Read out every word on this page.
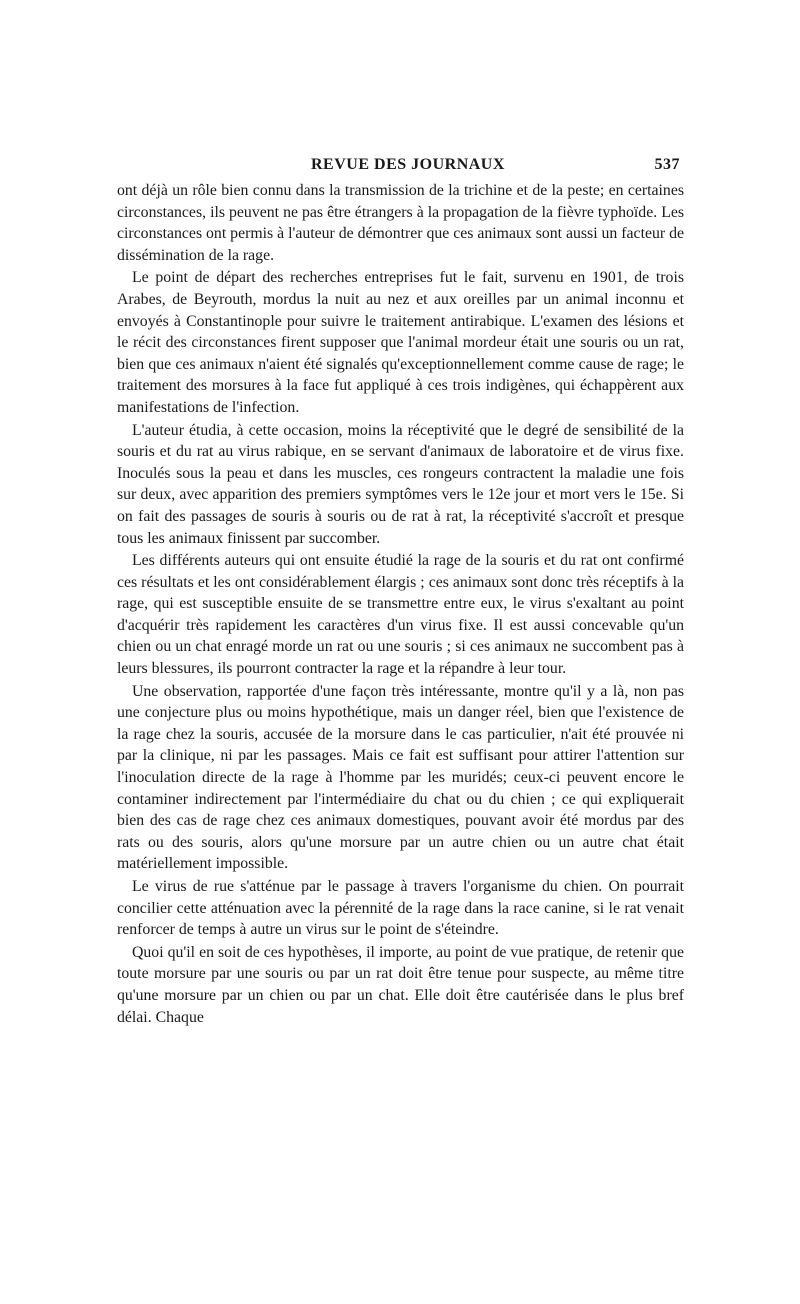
REVUE DES JOURNAUX	537

ont déjà un rôle bien connu dans la transmission de la trichine et de la peste; en certaines circonstances, ils peuvent ne pas être étrangers à la propagation de la fièvre typhoïde. Les circonstances ont permis à l'auteur de démontrer que ces animaux sont aussi un facteur de dissémination de la rage.

Le point de départ des recherches entreprises fut le fait, survenu en 1901, de trois Arabes, de Beyrouth, mordus la nuit au nez et aux oreilles par un animal inconnu et envoyés à Constantinople pour suivre le traitement antirabique. L'examen des lésions et le récit des circonstances firent supposer que l'animal mordeur était une souris ou un rat, bien que ces animaux n'aient été signalés qu'exceptionnellement comme cause de rage; le traitement des morsures à la face fut appliqué à ces trois indigènes, qui échappèrent aux manifestations de l'infection.

L'auteur étudia, à cette occasion, moins la réceptivité que le degré de sensibilité de la souris et du rat au virus rabique, en se servant d'animaux de laboratoire et de virus fixe. Inoculés sous la peau et dans les muscles, ces rongeurs contractent la maladie une fois sur deux, avec apparition des premiers symptômes vers le 12e jour et mort vers le 15e. Si on fait des passages de souris à souris ou de rat à rat, la réceptivité s'accroît et presque tous les animaux finissent par succomber.

Les différents auteurs qui ont ensuite étudié la rage de la souris et du rat ont confirmé ces résultats et les ont considérablement élargis ; ces animaux sont donc très réceptifs à la rage, qui est susceptible ensuite de se transmettre entre eux, le virus s'exaltant au point d'acquérir très rapidement les caractères d'un virus fixe. Il est aussi concevable qu'un chien ou un chat enragé morde un rat ou une souris ; si ces animaux ne succombent pas à leurs blessures, ils pourront contracter la rage et la répandre à leur tour.

Une observation, rapportée d'une façon très intéressante, montre qu'il y a là, non pas une conjecture plus ou moins hypothétique, mais un danger réel, bien que l'existence de la rage chez la souris, accusée de la morsure dans le cas particulier, n'ait été prouvée ni par la clinique, ni par les passages. Mais ce fait est suffisant pour attirer l'attention sur l'inoculation directe de la rage à l'homme par les muridés; ceux-ci peuvent encore le contaminer indirectement par l'intermédiaire du chat ou du chien ; ce qui expliquerait bien des cas de rage chez ces animaux domestiques, pouvant avoir été mordus par des rats ou des souris, alors qu'une morsure par un autre chien ou un autre chat était matériellement impossible.

Le virus de rue s'atténue par le passage à travers l'organisme du chien. On pourrait concilier cette atténuation avec la pérennité de la rage dans la race canine, si le rat venait renforcer de temps à autre un virus sur le point de s'éteindre.

Quoi qu'il en soit de ces hypothèses, il importe, au point de vue pratique, de retenir que toute morsure par une souris ou par un rat doit être tenue pour suspecte, au même titre qu'une morsure par un chien ou par un chat. Elle doit être cautérisée dans le plus bref délai. Chaque
